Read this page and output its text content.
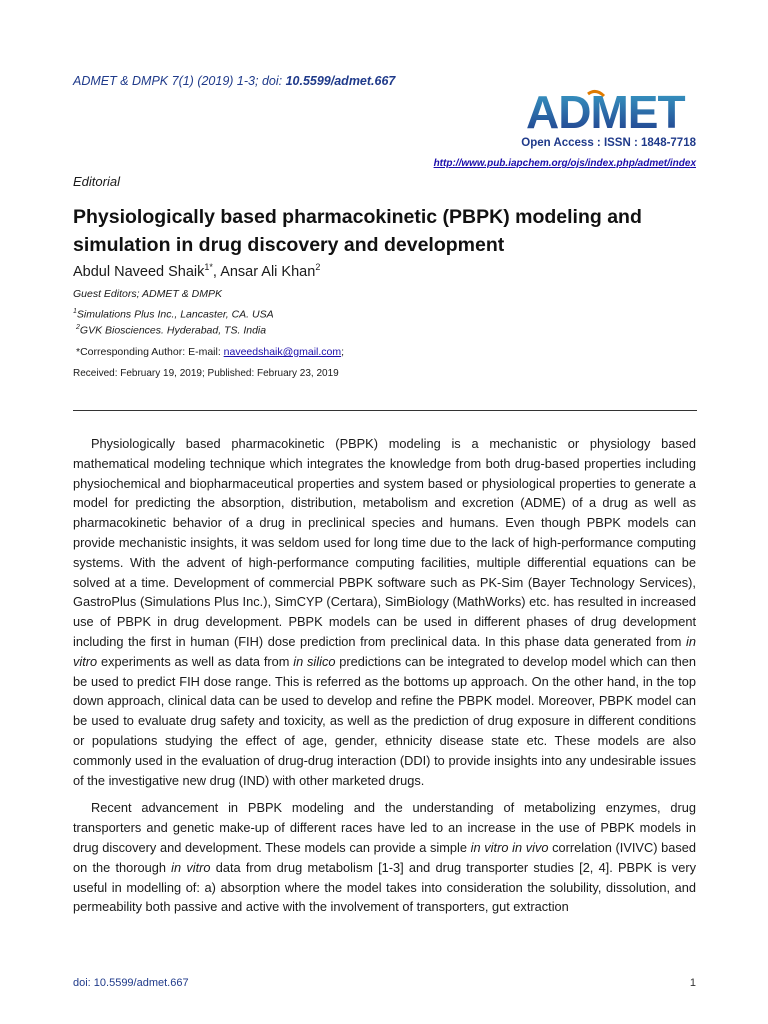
ADMET & DMPK 7(1) (2019) 1-3; doi: 10.5599/admet.667
ADMET
Open Access : ISSN : 1848-7718
http://www.pub.iapchem.org/ojs/index.php/admet/index
Editorial
Physiologically based pharmacokinetic (PBPK) modeling and simulation in drug discovery and development
Abdul Naveed Shaik$^{1*}$, Ansar Ali Khan$^2$
Guest Editors; ADMET & DMPK
$^1$Simulations Plus Inc., Lancaster, CA. USA
$^2$GVK Biosciences. Hyderabad, TS. India
*Corresponding Author: E-mail: naveedshaik@gmail.com;
Received: February 19, 2019; Published: February 23, 2019

Physiologically based pharmacokinetic (PBPK) modeling is a mechanistic or physiology based mathematical modeling technique which integrates the knowledge from both drug-based properties including physiochemical and biopharmaceutical properties and system based or physiological properties to generate a model for predicting the absorption, distribution, metabolism and excretion (ADME) of a drug as well as pharmacokinetic behavior of a drug in preclinical species and humans. Even though PBPK models can provide mechanistic insights, it was seldom used for long time due to the lack of high-performance computing systems. With the advent of high-performance computing facilities, multiple differential equations can be solved at a time. Development of commercial PBPK software such as PK-Sim (Bayer Technology Services), GastroPlus (Simulations Plus Inc.), SimCYP (Certara), SimBiology (MathWorks) etc. has resulted in increased use of PBPK in drug development. PBPK models can be used in different phases of drug development including the first in human (FIH) dose prediction from preclinical data. In this phase data generated from in vitro experiments as well as data from in silico predictions can be integrated to develop model which can then be used to predict FIH dose range. This is referred as the bottoms up approach. On the other hand, in the top down approach, clinical data can be used to develop and refine the PBPK model. Moreover, PBPK model can be used to evaluate drug safety and toxicity, as well as the prediction of drug exposure in different conditions or populations studying the effect of age, gender, ethnicity disease state etc. These models are also commonly used in the evaluation of drug-drug interaction (DDI) to provide insights into any undesirable issues of the investigative new drug (IND) with other marketed drugs.

Recent advancement in PBPK modeling and the understanding of metabolizing enzymes, drug transporters and genetic make-up of different races have led to an increase in the use of PBPK models in drug discovery and development. These models can provide a simple in vitro in vivo correlation (IVIVC) based on the thorough in vitro data from drug metabolism [1-3] and drug transporter studies [2, 4]. PBPK is very useful in modelling of: a) absorption where the model takes into consideration the solubility, dissolution, and permeability both passive and active with the involvement of transporters, gut extraction

doi: 10.5599/admet.667	1
